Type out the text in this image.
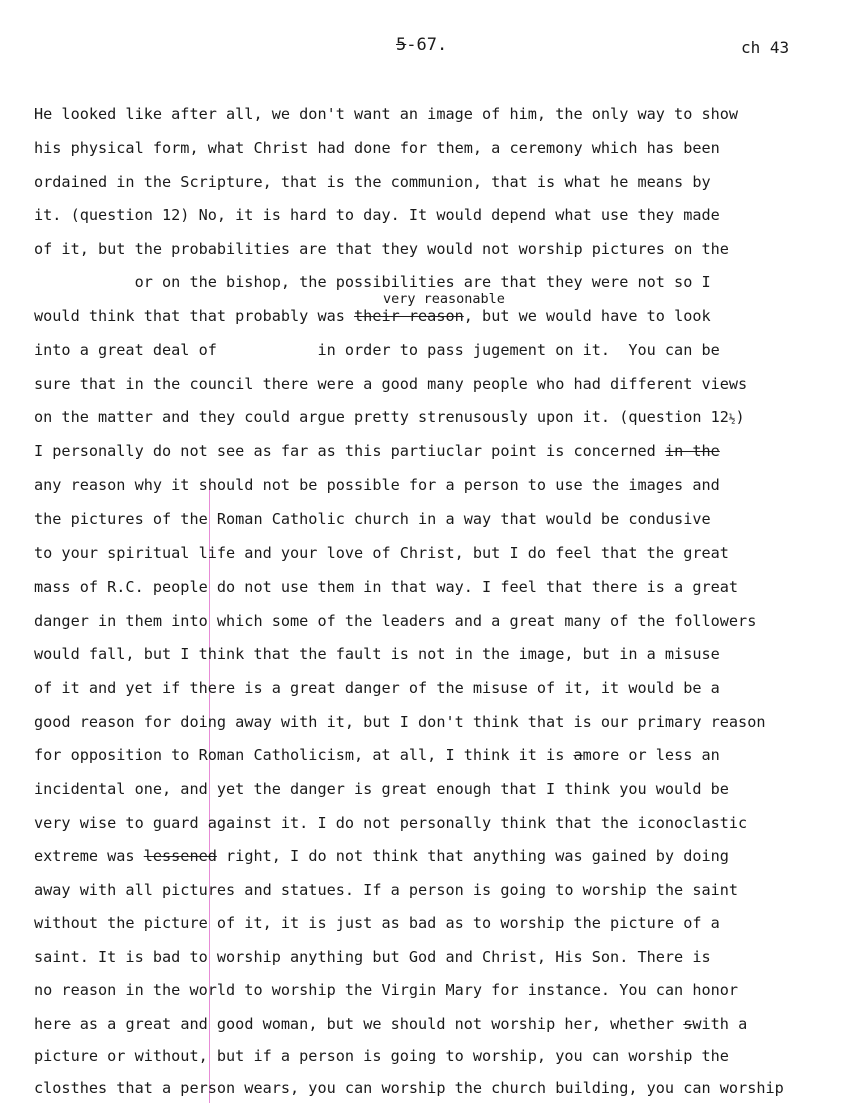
5-67.	ch 43
very reasonable
He looked like after all, we don't want an image of him, the only way to show
his physical form, what Christ had done for them, a ceremony which has been
ordained in the Scripture, that is the communion, that is what he means by
it. (question 12) No, it is hard to day. It would depend what use they made
of it, but the probabilities are that they would not worship pictures on the
or on the bishop, the possibilities are that they were not so I
would think that that probably was their reason, but we would have to look
into a great deal of           in order to pass jugement on it.  You can be
sure that in the council there were a good many people who had different views
on the matter and they could argue pretty strenusously upon it. (question 12½)
I personally do not see as far as this partiuclar point is concerned in the
any reason why it should not be possible for a person to use the images and
the pictures of the Roman Catholic church in a way that would be condusive
to your spiritual life and your love of Christ, but I do feel that the great
mass of R.C. people do not use them in that way. I feel that there is a great
danger in them into which some of the leaders and a great many of the followers
would fall, but I think that the fault is not in the image, but in a misuse
of it and yet if there is a great danger of the misuse of it, it would be a
good reason for doing away with it, but I don't think that is our primary reason
for opposition to Roman Catholicism, at all, I think it is amore or less an
incidental one, and yet the danger is great enough that I think you would be
very wise to guard against it. I do not personally think that the iconoclastic
extreme was lessened right, I do not think that anything was gained by doing
away with all pictures and statues. If a person is going to worship the saint
without the picture of it, it is just as bad as to worship the picture of a
saint. It is bad to worship anything but God and Christ, His Son. There is
no reason in the world to worship the Virgin Mary for instance. You can honor
here as a great and good woman, but we should not worship her, whether swith a
picture or without, but if a person is going to worship, you can worship the
closthes that a person wears, you can worship the church building, you can worship
